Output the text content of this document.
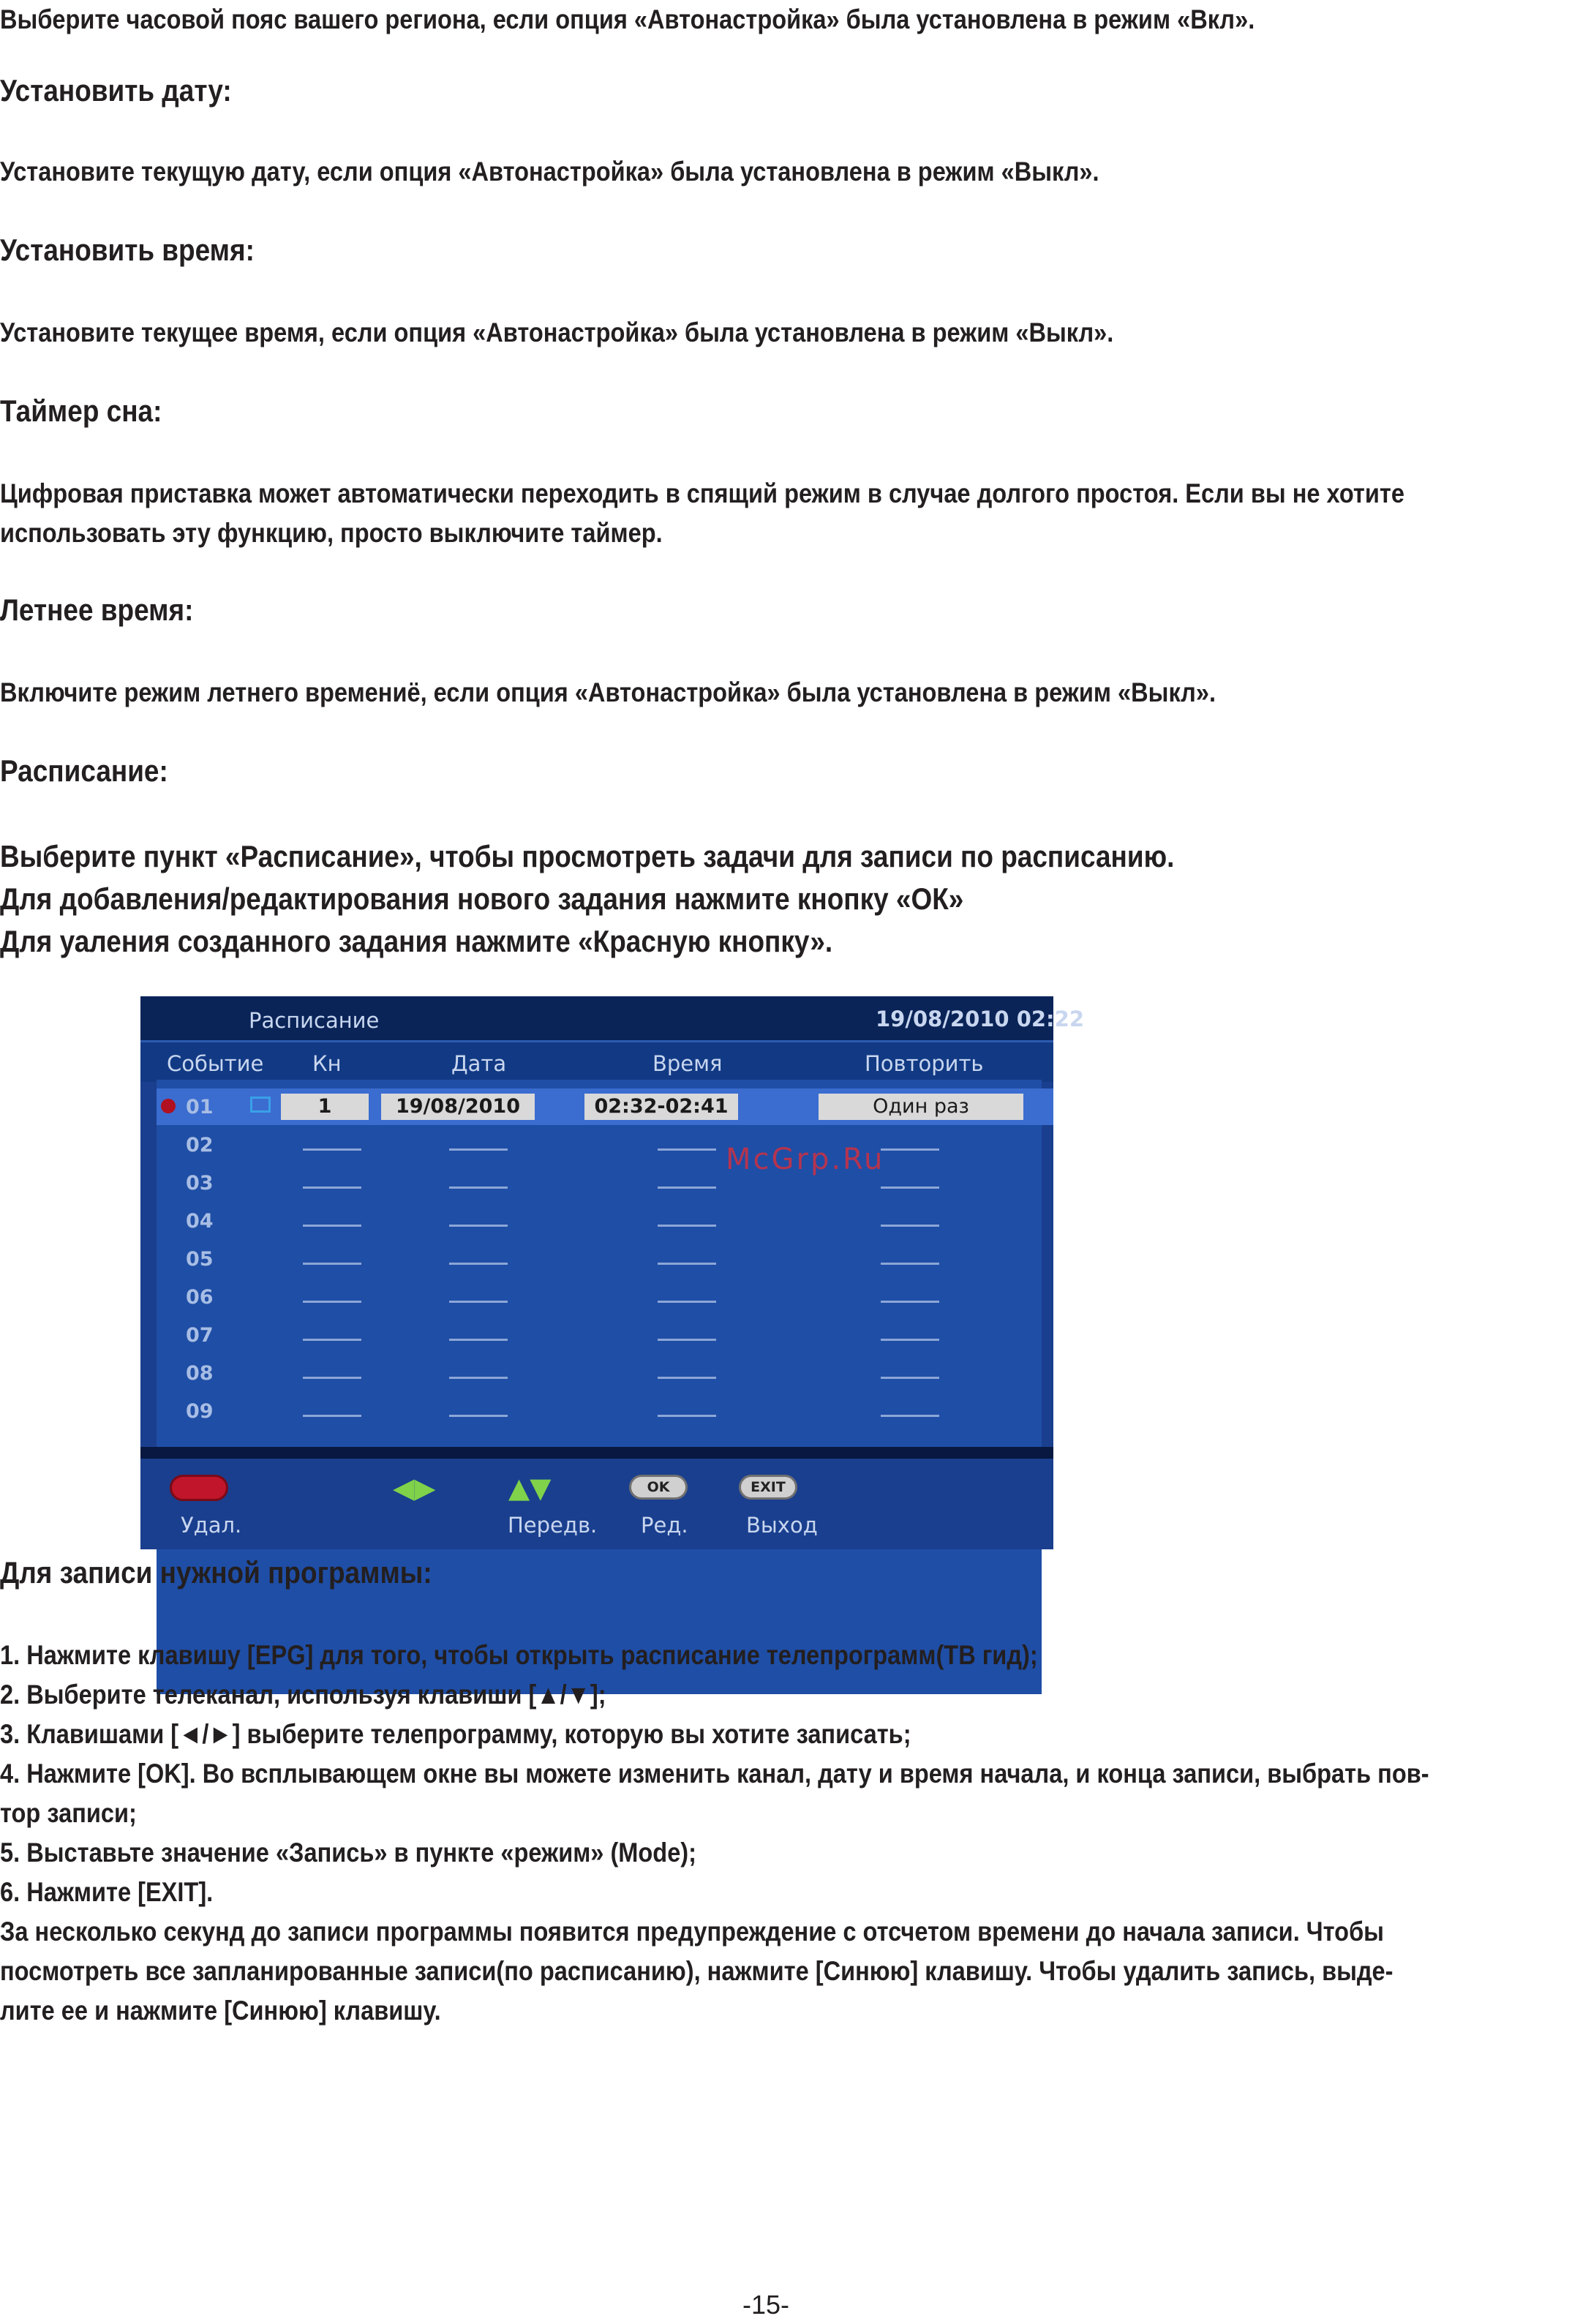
Выберите часовой пояс вашего региона, если опция «Автонастройка» была установлена в режим «Вкл».

Установить дату:

Установите текущую дату, если опция «Автонастройка» была установлена в режим «Выкл».

Установить время:

Установите текущее время, если опция «Автонастройка» была установлена в режим «Выкл».

Таймер сна:

Цифровая приставка может автоматически переходить в спящий режим в случае долгого простоя. Если вы не хотите

использовать эту функцию, просто выключите таймер.

Летнее время:

Включите режим летнего времениё, если опция «Автонастройка» была установлена в режим «Выкл».

Расписание:

Выберите пункт «Расписание», чтобы просмотреть задачи для записи по расписанию.

Для добавления/редактирования нового задания нажмите кнопку «ОК»

Для уаления созданного задания нажмите «Красную кнопку».

Расписание	19/08/2010 02:22
Событие Кн	Дата	Время	Повторить
01	1	19/08/2010	02:32-02:41	Один раз
02
03
04
05
06
07
08
09
McGrp.Ru
◀▶	▲▼	OK	EXIT
Удал.	Передв. Ред.	Выход

Для записи нужной программы:

1. Нажмите клавишу [EPG] для того, чтобы открыть расписание телепрограмм(ТВ гид);

2. Выберите телеканал, используя клавиши [▲/▼];

3. Клавишами [◄/►] выберите телепрограмму, которую вы хотите записать;

4. Нажмите [OK]. Во всплывающем окне вы можете изменить канал, дату и время начала, и конца записи, выбрать пов-

тор записи;

5. Выставьте значение «Запись» в пункте «режим» (Mode);

6. Нажмите [EXIT].

За несколько секунд до записи программы появится предупреждение с отсчетом времени до начала записи. Чтобы

посмотреть все запланированные записи(по расписанию), нажмите [Синюю] клавишу. Чтобы удалить запись, выде-

лите ее и нажмите [Синюю] клавишу.

-15-
